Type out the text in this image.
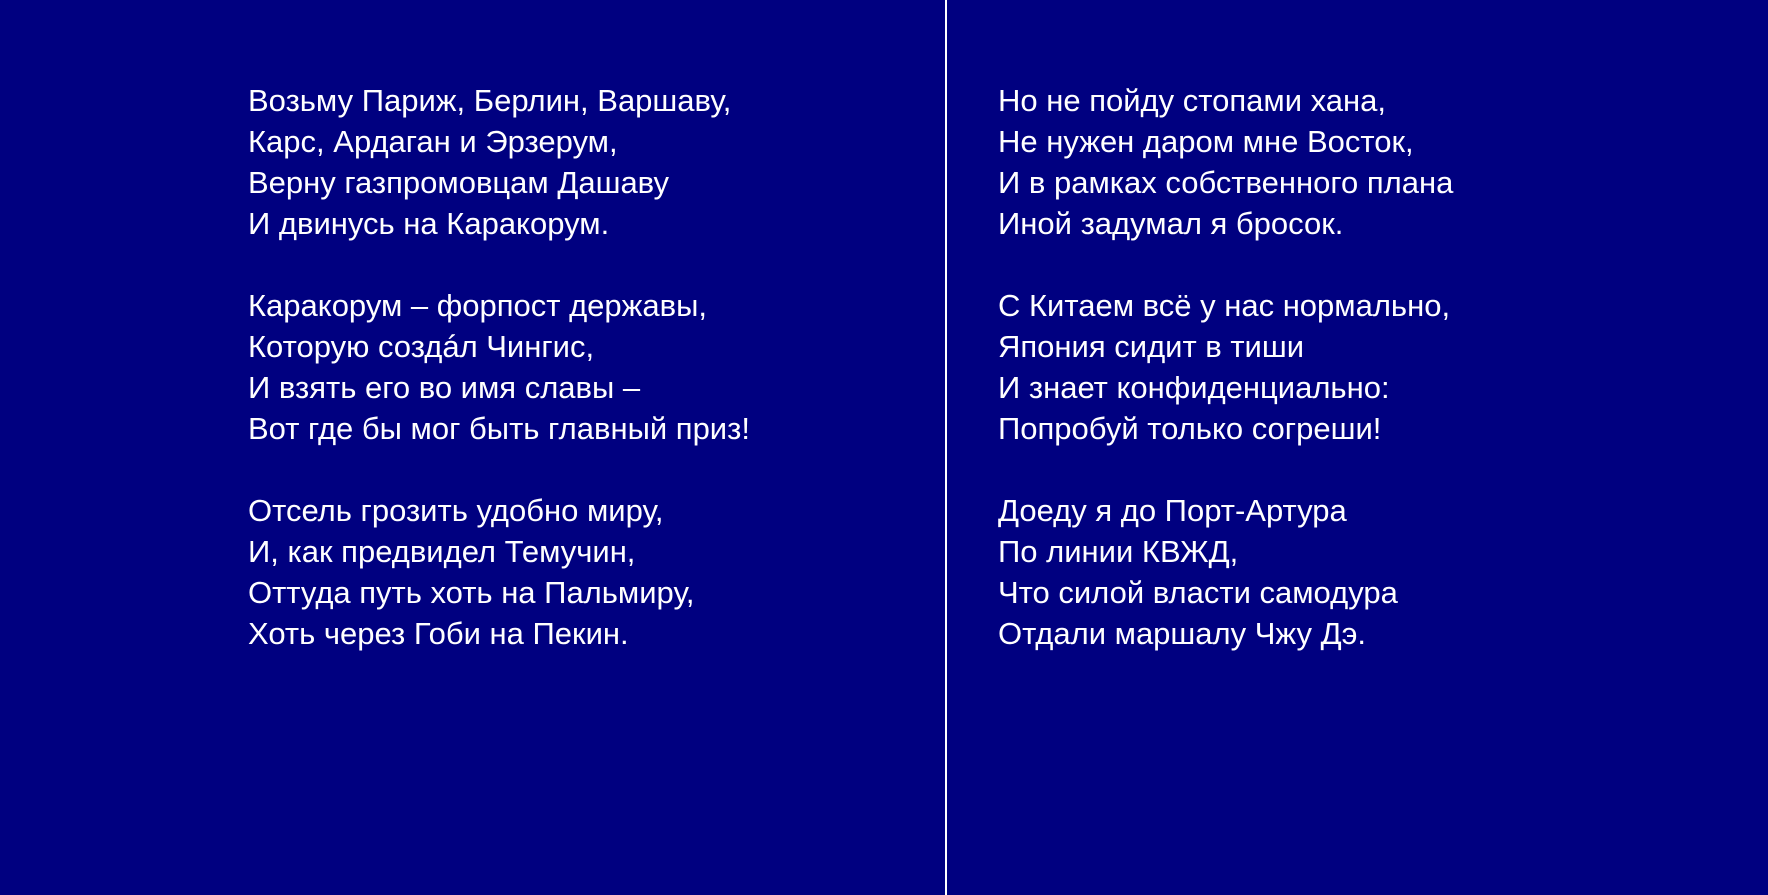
Возьму Париж, Берлин, Варшаву,
Карс, Ардаган и Эрзерум,
Верну газпромовцам Дашаву
И двинусь на Каракорум.
Каракорум – форпост державы,
Которую создáл Чингис,
И взять его во имя славы –
Вот где бы мог быть главный приз!
Отсель грозить удобно миру,
И, как предвидел Темучин,
Оттуда путь хоть на Пальмиру,
Хоть через Гоби на Пекин.
Но не пойду стопами хана,
Не нужен даром мне Восток,
И в рамках собственного плана
Иной задумал я бросок.
С Китаем всё у нас нормально,
Япония сидит в тиши
И знает конфиденциально:
Попробуй только согреши!
Доеду я до Порт-Артура
По линии КВЖД,
Что силой власти самодура
Отдали маршалу Чжу Дэ.
